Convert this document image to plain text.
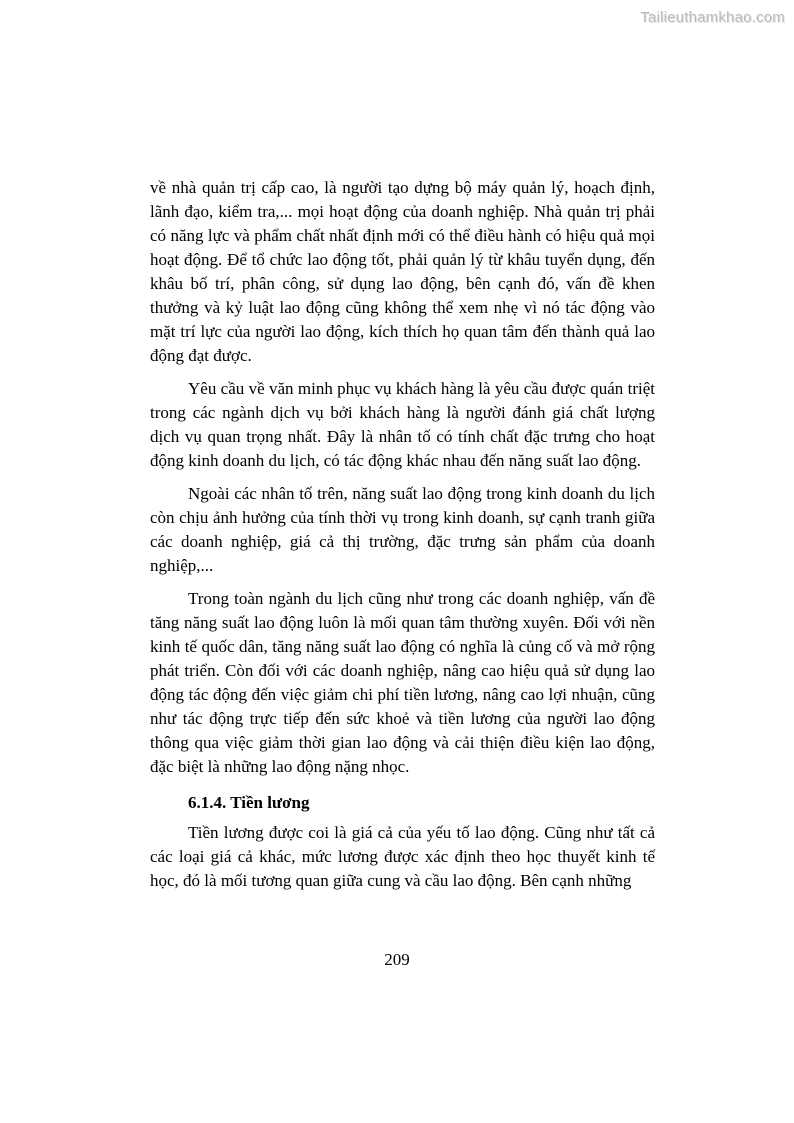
Tailieuthamkhao.com

về nhà quản trị cấp cao, là người tạo dựng bộ máy quản lý, hoạch định, lãnh đạo, kiểm tra,... mọi hoạt động của doanh nghiệp. Nhà quản trị phải có năng lực và phẩm chất nhất định mới có thể điều hành có hiệu quả mọi hoạt động. Để tổ chức lao động tốt, phải quản lý từ khâu tuyển dụng, đến khâu bố trí, phân công, sử dụng lao động, bên cạnh đó, vấn đề khen thưởng và kỷ luật lao động cũng không thể xem nhẹ vì nó tác động vào mặt trí lực của người lao động, kích thích họ quan tâm đến thành quả lao động đạt được.

Yêu cầu về văn minh phục vụ khách hàng là yêu cầu được quán triệt trong các ngành dịch vụ bởi khách hàng là người đánh giá chất lượng dịch vụ quan trọng nhất. Đây là nhân tố có tính chất đặc trưng cho hoạt động kinh doanh du lịch, có tác động khác nhau đến năng suất lao động.

Ngoài các nhân tố trên, năng suất lao động trong kinh doanh du lịch còn chịu ảnh hưởng của tính thời vụ trong kinh doanh, sự cạnh tranh giữa các doanh nghiệp, giá cả thị trường, đặc trưng sản phẩm của doanh nghiệp,...

Trong toàn ngành du lịch cũng như trong các doanh nghiệp, vấn đề tăng năng suất lao động luôn là mối quan tâm thường xuyên. Đối với nền kinh tế quốc dân, tăng năng suất lao động có nghĩa là củng cố và mở rộng phát triển. Còn đối với các doanh nghiệp, nâng cao hiệu quả sử dụng lao động tác động đến việc giảm chi phí tiền lương, nâng cao lợi nhuận, cũng như tác động trực tiếp đến sức khoẻ và tiền lương của người lao động thông qua việc giảm thời gian lao động và cải thiện điều kiện lao động, đặc biệt là những lao động nặng nhọc.

6.1.4. Tiền lương

Tiền lương được coi là giá cả của yếu tố lao động. Cũng như tất cả các loại giá cả khác, mức lương được xác định theo học thuyết kinh tế học, đó là mối tương quan giữa cung và cầu lao động. Bên cạnh những

209
